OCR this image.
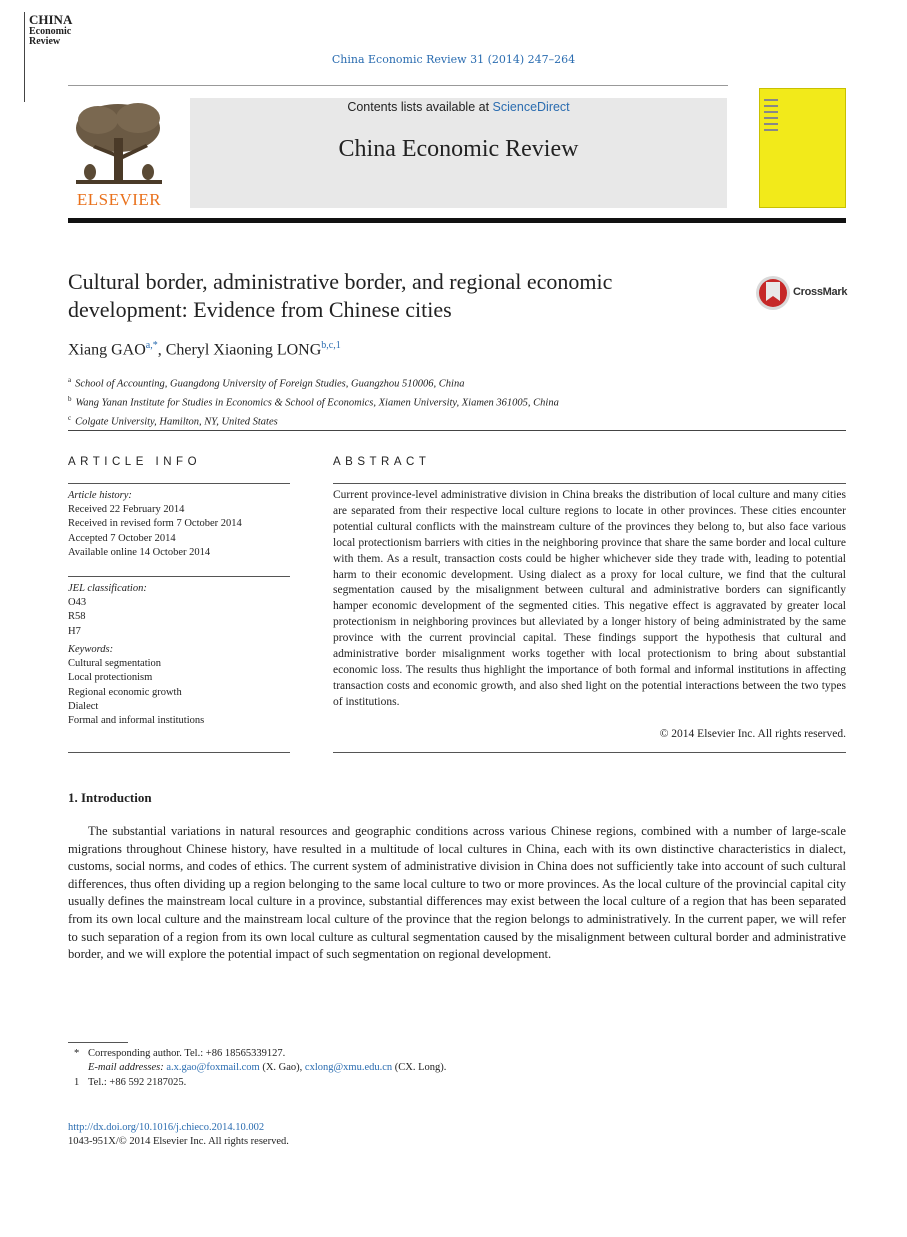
China Economic Review 31 (2014) 247–264
ELSEVIER
Contents lists available at ScienceDirect
China Economic Review
CHINA
Economic
Review
Cultural border, administrative border, and regional economic
development: Evidence from Chinese cities
CrossMark
Xiang $GAO^{a,*}$, Cheryl Xiaoning LONG$^{b,c,1}$
$^a$ School of Accounting, Guangdong University of Foreign Studies, Guangzhou 510006, China
$^b$ Wang Yanan Institute for Studies in Economics & School of Economics, Xiamen University, Xiamen 361005, China
$^c$ Colgate University, Hamilton, NY, United States
ARTICLE INFO	ABSTRACT
Article history:
Received 22 February 2014
Received in revised form 7 October 2014
Accepted 7 October 2014
Available online 14 October 2014
JEL classification:
O43
R58
H7
Keywords:
Cultural segmentation
Local protectionism
Regional economic growth
Dialect
Formal and informal institutions
Current province-level administrative division in China breaks the distribution of local culture and many cities are separated from their respective local culture regions to locate in other provinces. These cities encounter potential cultural conflicts with the mainstream culture of the provinces they belong to, but also face various local protectionism barriers with cities in the neighboring province that share the same border and local culture with them. As a result, transaction costs could be higher whichever side they trade with, leading to potential harm to their economic development. Using dialect as a proxy for local culture, we find that the cultural segmentation caused by the misalignment between cultural and administrative borders can significantly hamper economic development of the segmented cities. This negative effect is aggravated by greater local protectionism in neighboring provinces but alleviated by a longer history of being administrated by the same province with the current provincial capital. These findings support the hypothesis that cultural and administrative border misalignment works together with local protectionism to bring about substantial economic loss. The results thus highlight the importance of both formal and informal institutions in affecting transaction costs and economic growth, and also shed light on the potential interactions between the two types of institutions.
© 2014 Elsevier Inc. All rights reserved.
1. Introduction
The substantial variations in natural resources and geographic conditions across various Chinese regions, combined with a number of large-scale migrations throughout Chinese history, have resulted in a multitude of local cultures in China, each with its own distinctive characteristics in dialect, customs, social norms, and codes of ethics. The current system of administrative division in China does not sufficiently take into account of such cultural differences, thus often dividing up a region belonging to the same local culture to two or more provinces. As the local culture of the provincial capital city usually defines the mainstream local culture in a province, substantial differences may exist between the local culture of a region that has been separated from its own local culture and the mainstream local culture of the province that the region belongs to administratively. In the current paper, we will refer to such separation of a region from its own local culture as cultural segmentation caused by the misalignment between cultural border and administrative border, and we will explore the potential impact of such segmentation on regional development.
* Corresponding author. Tel.: +86 18565339127.
E-mail addresses: a.x.gao@foxmail.com (X. Gao), cxlong@xmu.edu.cn (CX. Long).
1 Tel.: +86 592 2187025.
http://dx.doi.org/10.1016/j.chieco.2014.10.002
1043-951X/© 2014 Elsevier Inc. All rights reserved.
